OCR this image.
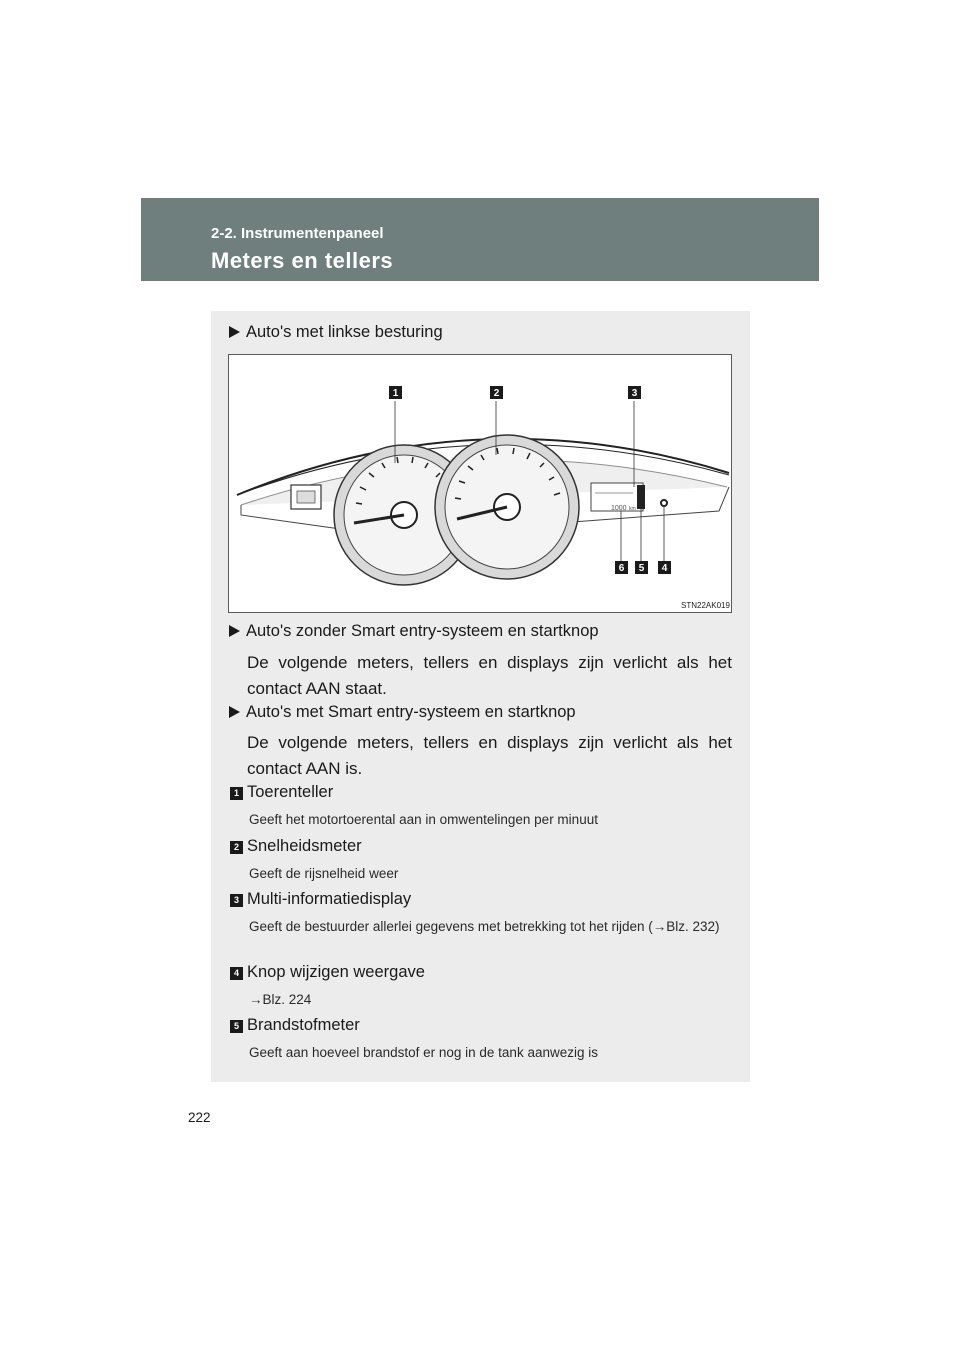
2-2. Instrumentenpaneel
Meters en tellers
Auto's met linkse besturing
1000 km
1	2	3
6 5 4
STN22AK019
Auto's zonder Smart entry-systeem en startknop
De volgende meters, tellers en displays zijn verlicht als het contact AAN staat.
Auto's met Smart entry-systeem en startknop
De volgende meters, tellers en displays zijn verlicht als het contact AAN is.
1 Toerenteller
Geeft het motortoerental aan in omwentelingen per minuut
2 Snelheidsmeter
Geeft de rijsnelheid weer
3 Multi-informatiedisplay
Geeft de bestuurder allerlei gegevens met betrekking tot het rijden (→Blz. 232)
4 Knop wijzigen weergave
→Blz. 224
5 Brandstofmeter
Geeft aan hoeveel brandstof er nog in de tank aanwezig is
222
